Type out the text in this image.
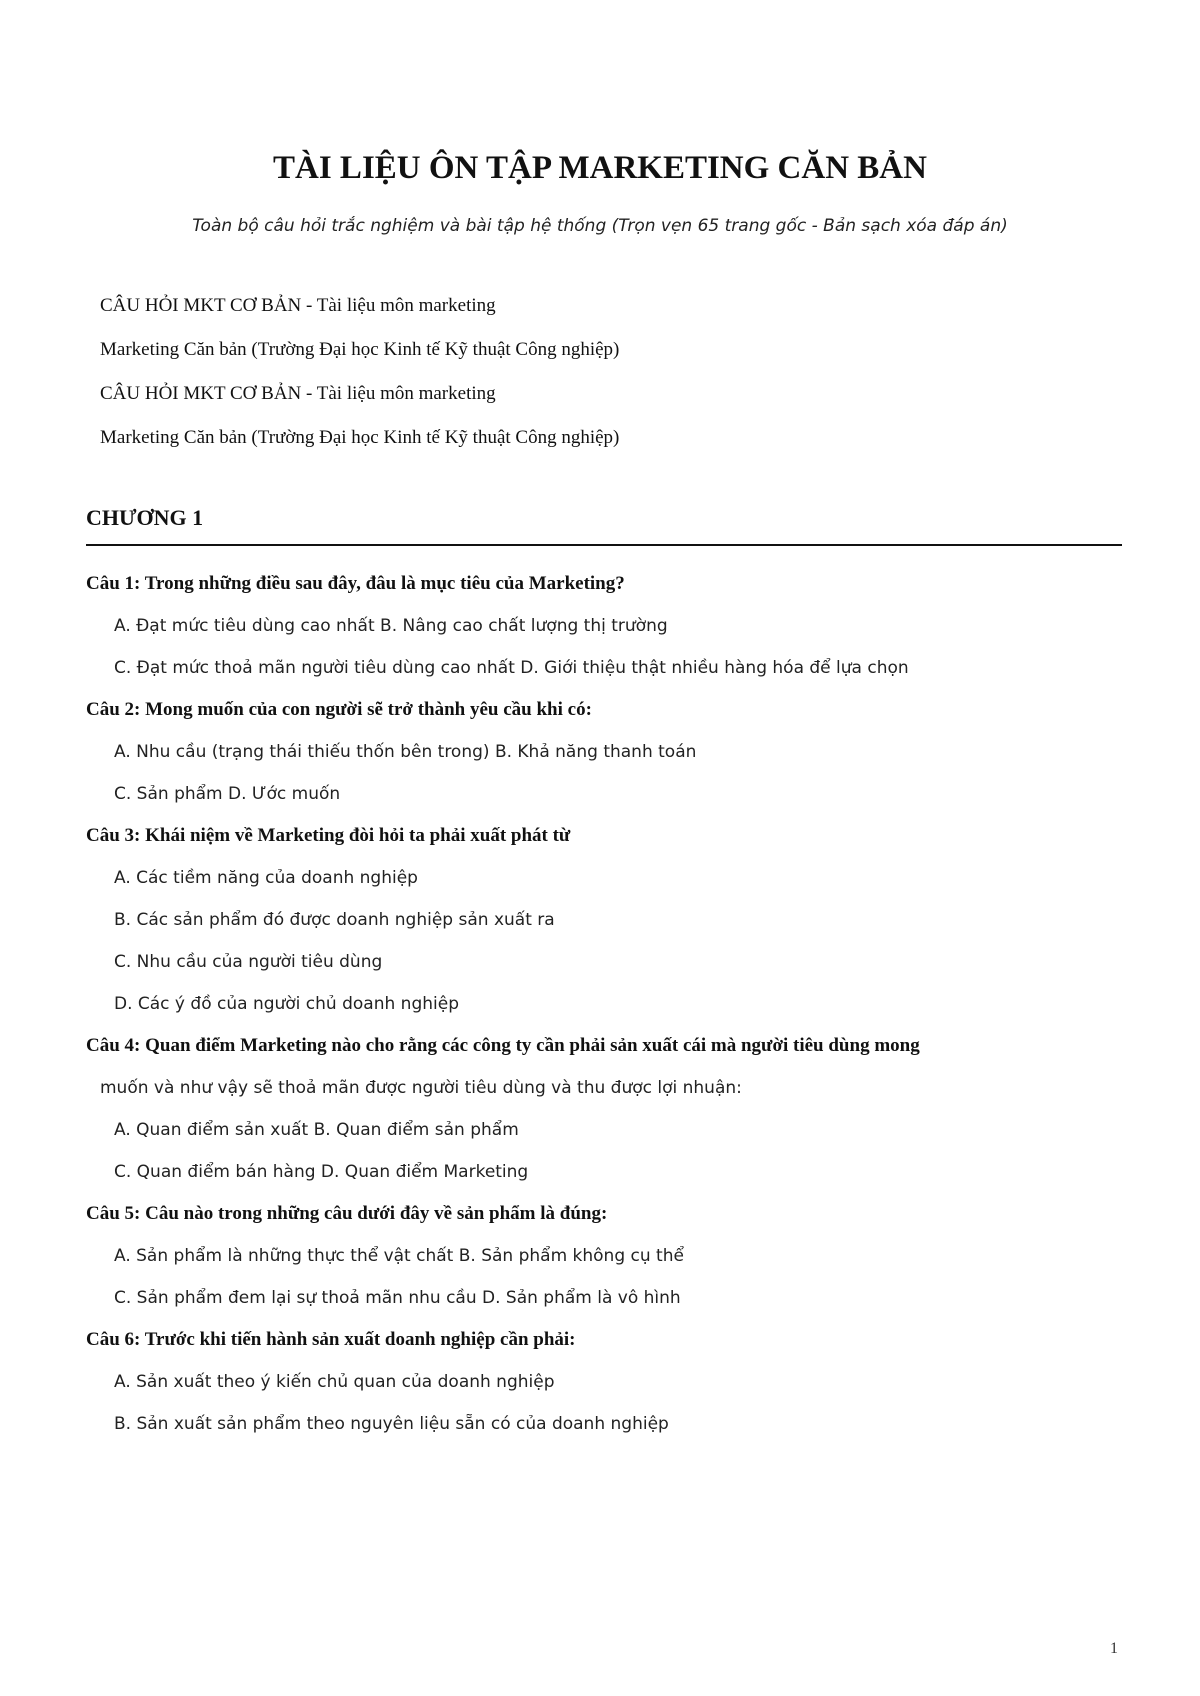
TÀI LIỆU ÔN TẬP MARKETING CĂN BẢN
Toàn bộ câu hỏi trắc nghiệm và bài tập hệ thống (Trọn vẹn 65 trang gốc - Bản sạch xóa đáp án)
CÂU HỎI MKT CƠ BẢN - Tài liệu môn marketing
Marketing Căn bản (Trường Đại học Kinh tế Kỹ thuật Công nghiệp)
CÂU HỎI MKT CƠ BẢN - Tài liệu môn marketing
Marketing Căn bản (Trường Đại học Kinh tế Kỹ thuật Công nghiệp)
CHƯƠNG 1
Câu 1: Trong những điều sau đây, đâu là mục tiêu của Marketing?
A. Đạt mức tiêu dùng cao nhất B. Nâng cao chất lượng thị trường
C. Đạt mức thoả mãn người tiêu dùng cao nhất D. Giới thiệu thật nhiều hàng hóa để lựa chọn
Câu 2: Mong muốn của con người sẽ trở thành yêu cầu khi có:
A. Nhu cầu (trạng thái thiếu thốn bên trong) B. Khả năng thanh toán
C. Sản phẩm D. Ước muốn
Câu 3: Khái niệm về Marketing đòi hỏi ta phải xuất phát từ
A. Các tiềm năng của doanh nghiệp
B. Các sản phẩm đó được doanh nghiệp sản xuất ra
C. Nhu cầu của người tiêu dùng
D. Các ý đồ của người chủ doanh nghiệp
Câu 4: Quan điểm Marketing nào cho rằng các công ty cần phải sản xuất cái mà người tiêu dùng mong
muốn và như vậy sẽ thoả mãn được người tiêu dùng và thu được lợi nhuận:
A. Quan điểm sản xuất B. Quan điểm sản phẩm
C. Quan điểm bán hàng D. Quan điểm Marketing
Câu 5: Câu nào trong những câu dưới đây về sản phẩm là đúng:
A. Sản phẩm là những thực thể vật chất B. Sản phẩm không cụ thể
C. Sản phẩm đem lại sự thoả mãn nhu cầu D. Sản phẩm là vô hình
Câu 6: Trước khi tiến hành sản xuất doanh nghiệp cần phải:
A. Sản xuất theo ý kiến chủ quan của doanh nghiệp
B. Sản xuất sản phẩm theo nguyên liệu sẵn có của doanh nghiệp
1
